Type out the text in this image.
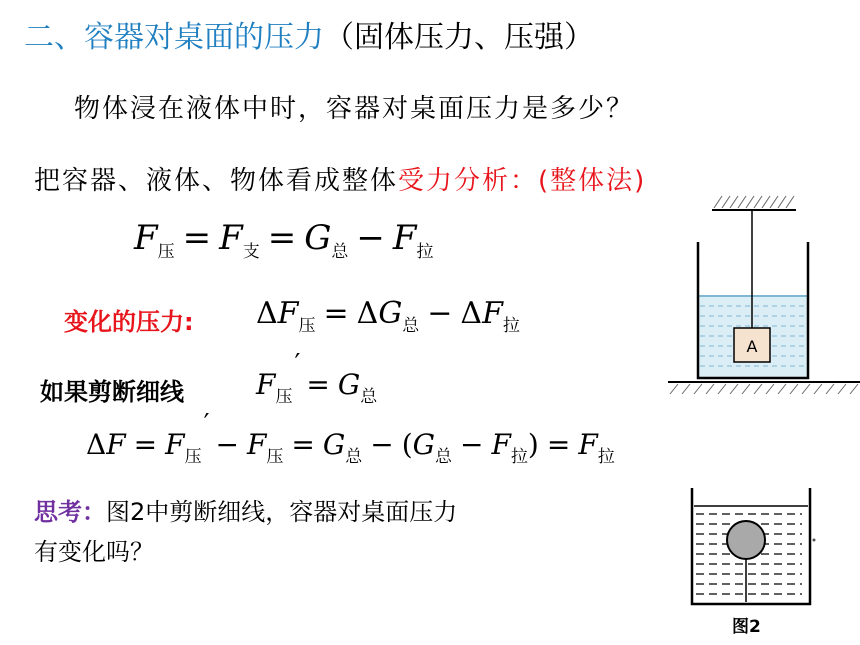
二、容器对桌面的压力（固体压力、压强）
物体浸在液体中时，容器对桌面压力是多少？
把容器、液体、物体看成整体受力分析：(整体法)
$F_压 = F_支 = G_总 - F_拉$
变化的压力: $\Delta F_压 = \Delta G_总 - \Delta F_拉$
如果剪断细线	$F_压'= G_总$
$\Delta F = F_压'- F_压 = G_总 - (G_总 - F_拉) = F_拉$
思考：图2中剪断细线，容器对桌面压力
有变化吗？
A
图2
